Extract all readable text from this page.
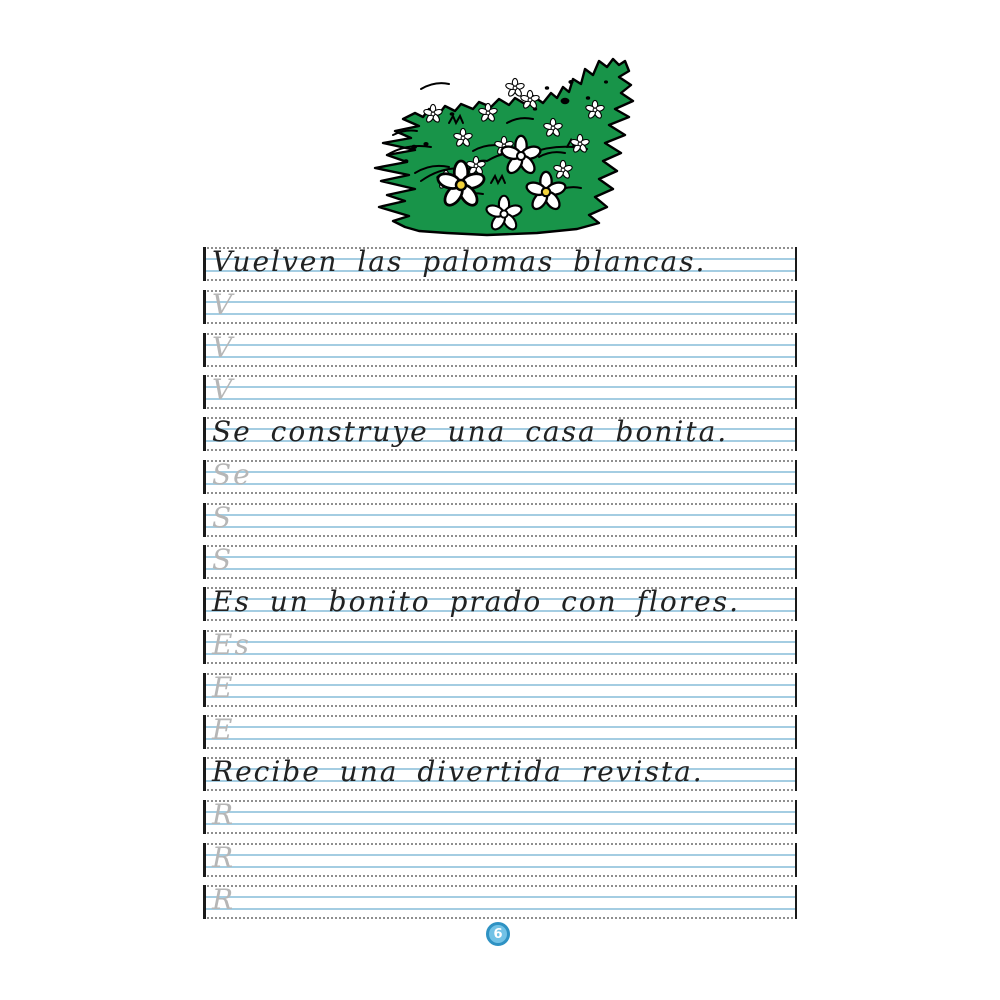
Vuelven las palomas blancas.
V
V
V
Se construye una casa bonita.
Se
S
S
Es un bonito prado con flores.
Es
E
E
Recibe una divertida revista.
R
R
R
6
